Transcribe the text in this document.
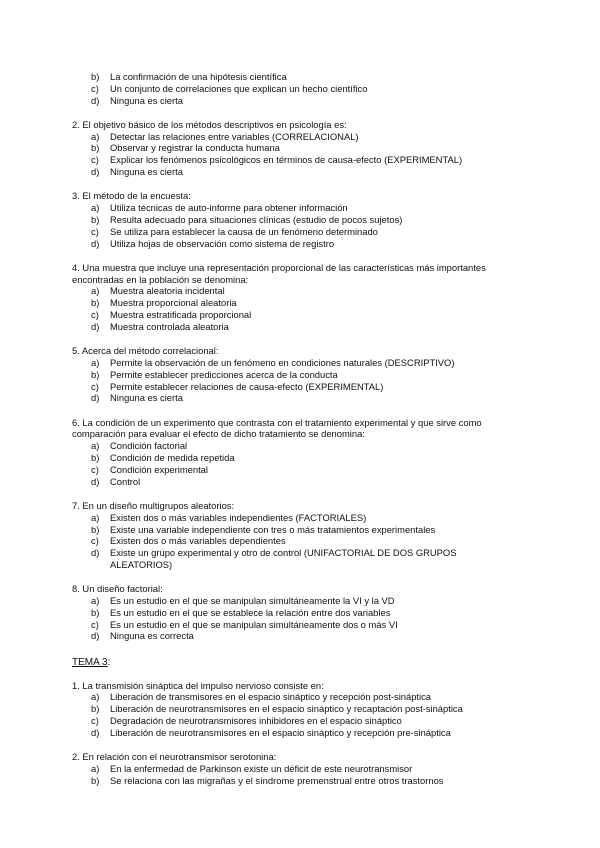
b)	La confirmación de una hipótesis científica
c)	Un conjunto de correlaciones que explican un hecho científico
d)	Ninguna es cierta
2. El objetivo básico de los métodos descriptivos en psicología es:
a)	Detectar las relaciones entre variables (CORRELACIONAL)
b)	Observar y registrar la conducta humana
c)	Explicar los fenómenos psicológicos en términos de causa-efecto (EXPERIMENTAL)
d)	Ninguna es cierta
3. El método de la encuesta:
a)	Utiliza técnicas de auto-informe para obtener información
b)	Resulta adecuado para situaciones clínicas (estudio de pocos sujetos)
c)	Se utiliza para establecer la causa de un fenómeno determinado
d)	Utiliza hojas de observación como sistema de registro
4. Una muestra que incluye una representación proporcional de las características más importantes encontradas en la población se denomina:
a)	Muestra aleatoria incidental
b)	Muestra proporcional aleatoria
c)	Muestra estratificada proporcional
d)	Muestra controlada aleatoria
5. Acerca del método correlacional:
a)	Permite la observación de un fenómeno en condiciones naturales (DESCRIPTIVO)
b)	Permite establecer predicciones acerca de la conducta
c)	Permite establecer relaciones de causa-efecto (EXPERIMENTAL)
d)	Ninguna es cierta
6. La condición de un experimento que contrasta con el tratamiento experimental y que sirve como comparación para evaluar el efecto de dicho tratamiento se denomina:
a)	Condición factorial
b)	Condición de medida repetida
c)	Condición experimental
d)	Control
7. En un diseño multigrupos aleatorios:
a)	Existen dos o más variables independientes (FACTORIALES)
b)	Existe una variable independiente con tres o más tratamientos experimentales
c)	Existen dos o más variables dependientes
d)	Existe un grupo experimental y otro de control (UNIFACTORIAL DE DOS GRUPOS ALEATORIOS)
8. Un diseño factorial:
a)	Es un estudio en el que se manipulan simultáneamente la VI y la VD
b)	Es un estudio en el que se establece la relación entre dos variables
c)	Es un estudio en el que se manipulan simultáneamente dos o más VI
d)	Ninguna es correcta
TEMA 3 :
1. La transmisión sináptica del impulso nervioso consiste en:
a)	Liberación de transmisores en el espacio sináptico y recepción post-sináptica
b)	Liberación de neurotransmisores en el espacio sináptico y recaptación post-sináptica
c)	Degradación de neurotransmisores inhibidores en el espacio sináptico
d)	Liberación de neurotransmisores en el espacio sináptico y recepción pre-sináptica
2. En relación con el neurotransmisor serotonina:
a)	En la enfermedad de Parkinson existe un déficit de este neurotransmisor
b)	Se relaciona con las migrañas y el síndrome premenstrual entre otros trastornos
